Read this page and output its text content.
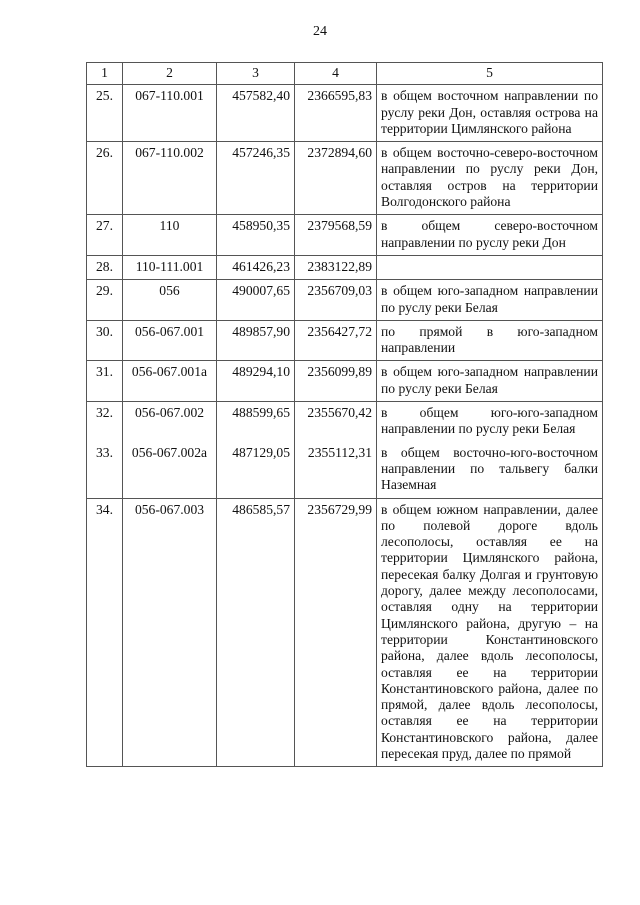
24
1	2	3	4	5
25.	067-110.001	457582,40	2366595,83	в общем восточном направлении по руслу реки Дон, оставляя острова на территории Цимлянского района
26.	067-110.002	457246,35	2372894,60	в общем восточно-северо-восточном направлении по руслу реки Дон, оставляя остров на территории Волгодонского района
27.	110	458950,35	2379568,59	в общем северо-восточном направлении по руслу реки Дон
28.	110-111.001	461426,23	2383122,89	
29.	056	490007,65	2356709,03	в общем юго-западном направлении по руслу реки Белая
30.	056-067.001	489857,90	2356427,72	по прямой в юго-западном направлении
31.	056-067.001а	489294,10	2356099,89	в общем юго-западном направлении по руслу реки Белая
32.	056-067.002	488599,65	2355670,42	в общем юго-юго-западном направлении по руслу реки Белая
33.	056-067.002а	487129,05	2355112,31	в общем восточно-юго-восточном направлении по тальвегу балки Наземная
34.	056-067.003	486585,57	2356729,99	в общем южном направлении, далее по полевой дороге вдоль лесополосы, оставляя ее на территории Цимлянского района, пересекая балку Долгая и грунтовую дорогу, далее между лесополосами, оставляя одну на территории Цимлянского района, другую – на территории Константиновского района, далее вдоль лесополосы, оставляя ее на территории Константиновского района, далее по прямой, далее вдоль лесополосы, оставляя ее на территории Константиновского района, далее пересекая пруд, далее по прямой
